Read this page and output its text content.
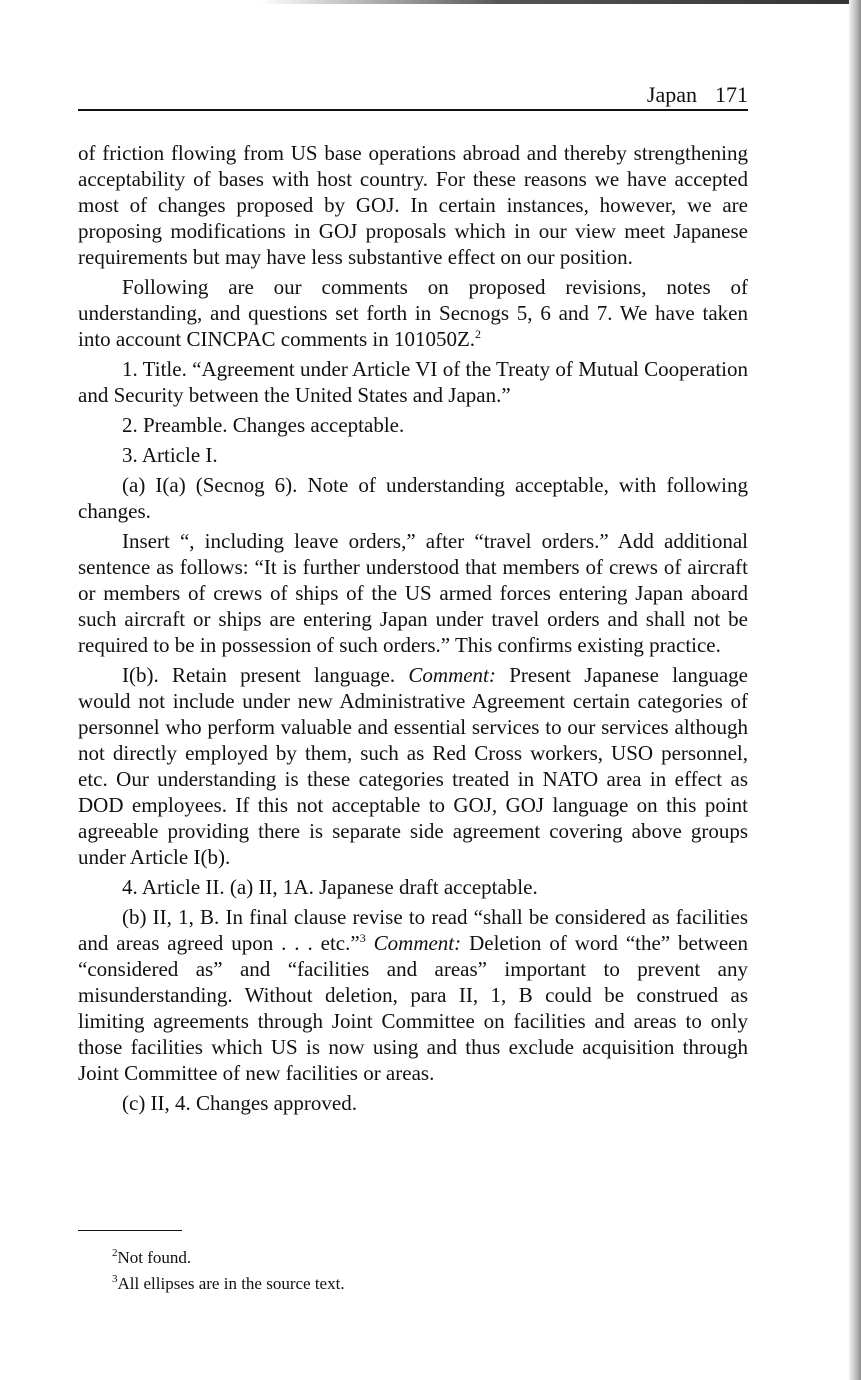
Japan 171

of friction flowing from US base operations abroad and thereby strengthening acceptability of bases with host country. For these reasons we have accepted most of changes proposed by GOJ. In certain instances, however, we are proposing modifications in GOJ proposals which in our view meet Japanese requirements but may have less substantive effect on our position.

Following are our comments on proposed revisions, notes of understanding, and questions set forth in Secnogs 5, 6 and 7. We have taken into account CINCPAC comments in 101050Z.$^2$

1. Title. “Agreement under Article VI of the Treaty of Mutual Cooperation and Security between the United States and Japan.”

2. Preamble. Changes acceptable.

3. Article I.

(a) I(a) (Secnog 6). Note of understanding acceptable, with following changes.

Insert “, including leave orders,” after “travel orders.” Add additional sentence as follows: “It is further understood that members of crews of aircraft or members of crews of ships of the US armed forces entering Japan aboard such aircraft or ships are entering Japan under travel orders and shall not be required to be in possession of such orders.” This confirms existing practice.

I(b). Retain present language. Comment: Present Japanese language would not include under new Administrative Agreement certain categories of personnel who perform valuable and essential services to our services although not directly employed by them, such as Red Cross workers, USO personnel, etc. Our understanding is these categories treated in NATO area in effect as DOD employees. If this not acceptable to GOJ, GOJ language on this point agreeable providing there is separate side agreement covering above groups under Article I(b).

4. Article II. (a) II, 1A. Japanese draft acceptable.

(b) II, 1, B. In final clause revise to read “shall be considered as facilities and areas agreed upon . . . etc.”$^3$ Comment: Deletion of word “the” between “considered as” and “facilities and areas” important to prevent any misunderstanding. Without deletion, para II, 1, B could be construed as limiting agreements through Joint Committee on facilities and areas to only those facilities which US is now using and thus exclude acquisition through Joint Committee of new facilities or areas.

(c) II, 4. Changes approved.

$^2$Not found.
$^3$All ellipses are in the source text.
